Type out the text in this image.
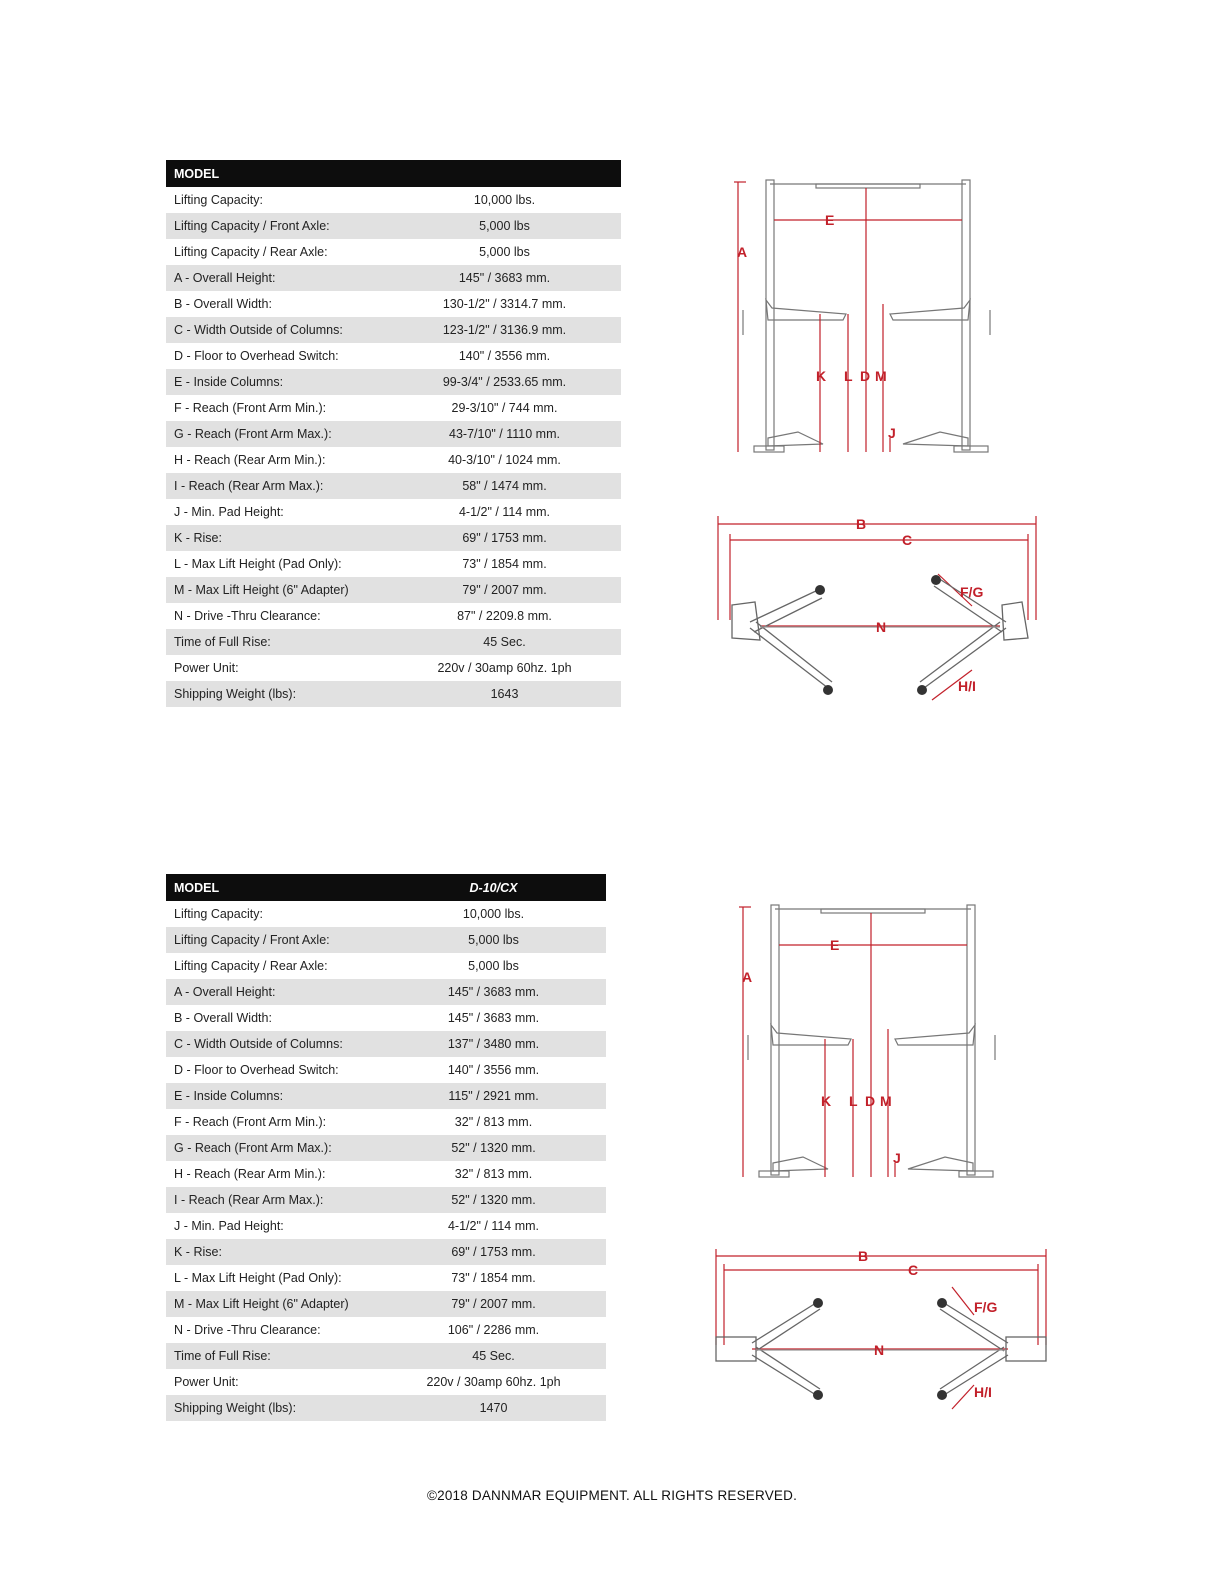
MODEL	
Lifting Capacity:	10,000 lbs.
Lifting Capacity / Front Axle:	5,000 lbs
Lifting Capacity / Rear Axle:	5,000 lbs
A - Overall Height:	145" / 3683 mm.
B - Overall Width:	130-1/2" / 3314.7 mm.
C - Width Outside of Columns:	123-1/2" / 3136.9 mm.
D - Floor to Overhead Switch:	140" / 3556 mm.
E - Inside Columns:	99-3/4" / 2533.65 mm.
F - Reach (Front Arm Min.):	29-3/10" / 744 mm.
G - Reach (Front Arm Max.):	43-7/10" / 1110 mm.
H - Reach (Rear Arm Min.):	40-3/10" / 1024 mm.
I - Reach (Rear Arm Max.):	58" / 1474 mm.
J - Min. Pad Height:	4-1/2" / 114 mm.
K - Rise:	69" / 1753 mm.
L - Max Lift Height (Pad Only):	73" / 1854 mm.
M - Max Lift Height (6" Adapter)	79" / 2007 mm.
N - Drive -Thru Clearance:	87" / 2209.8 mm.
Time of Full Rise:	45 Sec.
Power Unit:	220v / 30amp 60hz. 1ph
Shipping Weight (lbs):	1643
MODEL	D-10/CX
Lifting Capacity:	10,000 lbs.
Lifting Capacity / Front Axle:	5,000 lbs
Lifting Capacity / Rear Axle:	5,000 lbs
A - Overall Height:	145" / 3683 mm.
B - Overall Width:	145" / 3683 mm.
C - Width Outside of Columns:	137" / 3480 mm.
D - Floor to Overhead Switch:	140" / 3556 mm.
E - Inside Columns:	115" / 2921 mm.
F - Reach (Front Arm Min.):	32" / 813 mm.
G - Reach (Front Arm Max.):	52" / 1320 mm.
H - Reach (Rear Arm Min.):	32" / 813 mm.
I - Reach (Rear Arm Max.):	52" / 1320 mm.
J - Min. Pad Height:	4-1/2" / 114 mm.
K - Rise:	69" / 1753 mm.
L - Max Lift Height (Pad Only):	73" / 1854 mm.
M - Max Lift Height (6" Adapter)	79" / 2007 mm.
N - Drive -Thru Clearance:	106" / 2286 mm.
Time of Full Rise:	45 Sec.
Power Unit:	220v / 30amp 60hz. 1ph
Shipping Weight (lbs):	1470
A
E
K L D M
J
A
E
K L D M
J
B
C
F/G
N
H/I
B
C
F/G
N
H/I
©2018 DANNMAR EQUIPMENT. ALL RIGHTS RESERVED.
